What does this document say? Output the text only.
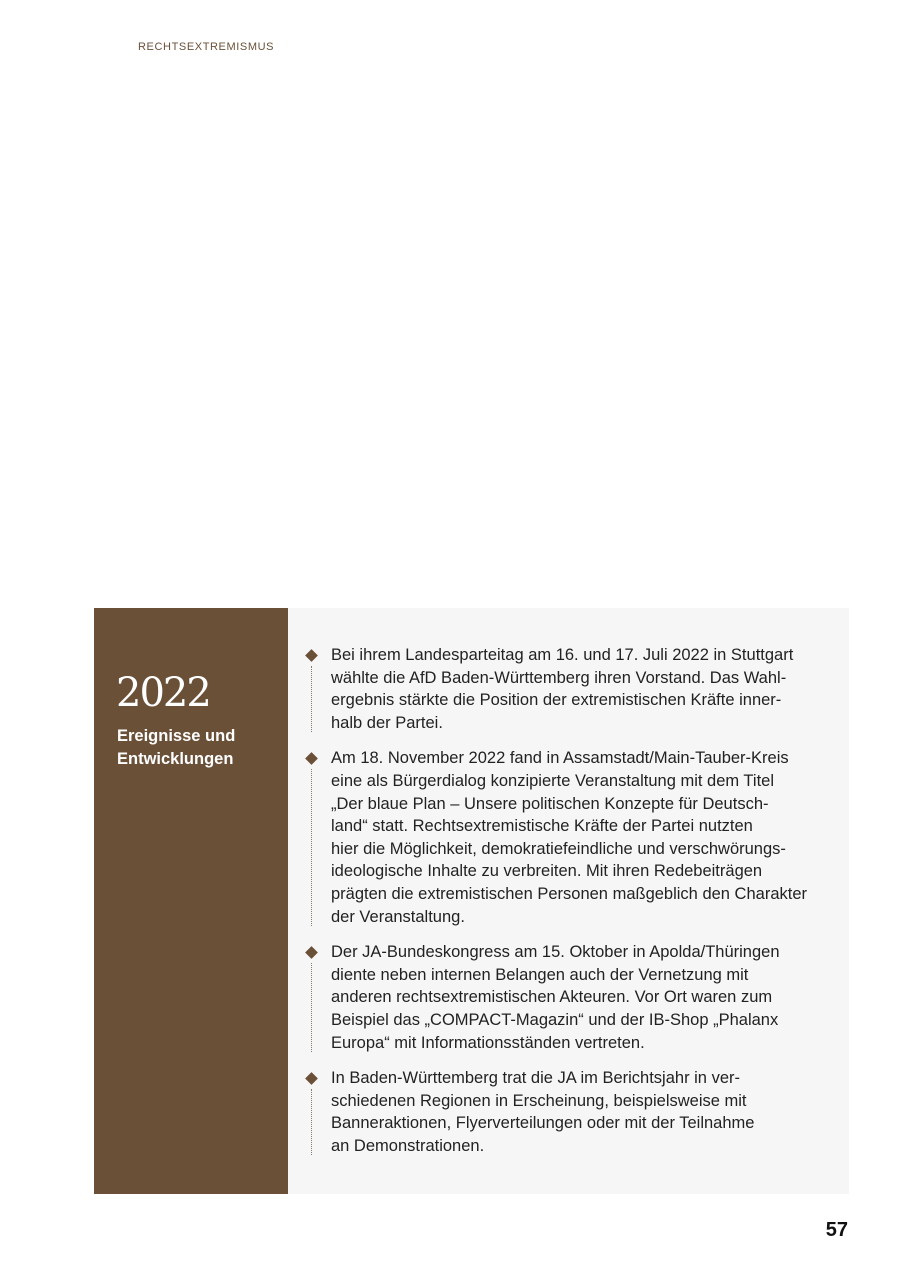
RECHTSEXTREMISMUS
2022
Ereignisse und
Entwicklungen
Bei ihrem Landesparteitag am 16. und 17. Juli 2022 in Stuttgart
wählte die AfD Baden-Württemberg ihren Vorstand. Das Wahl-
ergebnis stärkte die Position der extremistischen Kräfte inner-
halb der Partei.
Am 18. November 2022 fand in Assamstadt/Main-Tauber-Kreis
eine als Bürgerdialog konzipierte Veranstaltung mit dem Titel
„Der blaue Plan – Unsere politischen Konzepte für Deutsch-
land“ statt. Rechtsextremistische Kräfte der Partei nutzten
hier die Möglichkeit, demokratiefeindliche und verschwörungs-
ideologische Inhalte zu verbreiten. Mit ihren Redebeiträgen
prägten die extremistischen Personen maßgeblich den Charakter
der Veranstaltung.
Der JA-Bundeskongress am 15. Oktober in Apolda/Thüringen
diente neben internen Belangen auch der Vernetzung mit
anderen rechtsextremistischen Akteuren. Vor Ort waren zum
Beispiel das „COMPACT-Magazin“ und der IB-Shop „Phalanx
Europa“ mit Informationsständen vertreten.
In Baden-Württemberg trat die JA im Berichtsjahr in ver-
schiedenen Regionen in Erscheinung, beispielsweise mit
Banneraktionen, Flyerverteilungen oder mit der Teilnahme
an Demonstrationen.
57
